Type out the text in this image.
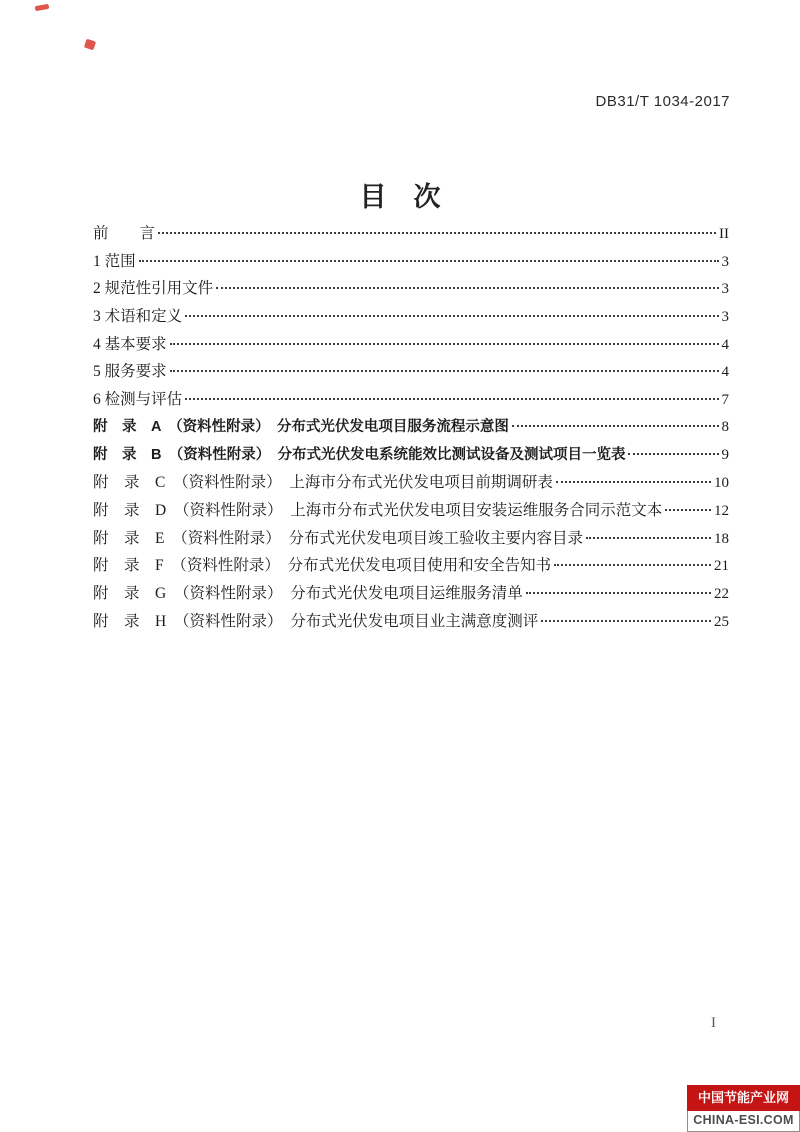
DB31/T 1034-2017
目　次
前　　言	II
1 范围	3
2 规范性引用文件	3
3 术语和定义	3
4 基本要求	4
5 服务要求	4
6 检测与评估	7
附　录　A　（资料性附录）　分布式光伏发电项目服务流程示意图	8
附　录　B　（资料性附录）　分布式光伏发电系统能效比测试设备及测试项目一览表	9
附　录　C　（资料性附录）　上海市分布式光伏发电项目前期调研表	10
附　录　D　（资料性附录）　上海市分布式光伏发电项目安装运维服务合同示范文本	12
附　录　E　（资料性附录）　分布式光伏发电项目竣工验收主要内容目录	18
附　录　F　（资料性附录）　分布式光伏发电项目使用和安全告知书	21
附　录　G　（资料性附录）　分布式光伏发电项目运维服务清单	22
附　录　H　（资料性附录）　分布式光伏发电项目业主满意度测评	25
I
中国节能产业网
CHINA-ESI.COM
